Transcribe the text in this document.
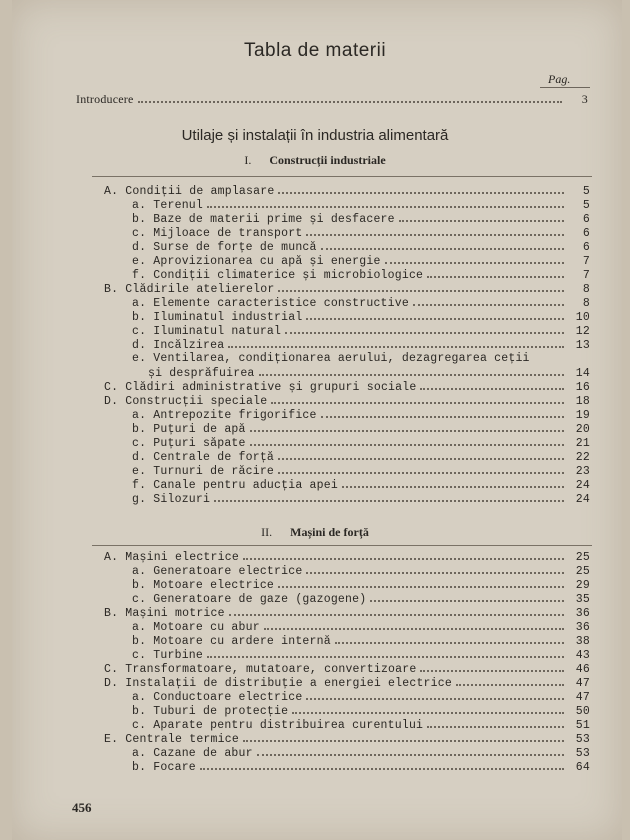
Tabla de materii
Pag.
Introducere	3
Utilaje și instalații în industria alimentară
I. Construcții industriale
II. Mașini de forță
A. Condiții de amplasare	5
a. Terenul	5
b. Baze de materii prime și desfacere	6
c. Mijloace de transport	6
d. Surse de forțe de muncă	6
e. Aprovizionarea cu apă și energie	7
f. Condiții climaterice și microbiologice	7
B. Clădirile atelierelor	8
a. Elemente caracteristice constructive	8
b. Iluminatul industrial	10
c. Iluminatul natural	12
d. Incălzirea	13
e. Ventilarea, condiționarea aerului, dezagregarea ceții
și desprăfuirea	14
C. Clădiri administrative și grupuri sociale	16
D. Construcții speciale	18
a. Antrepozite frigorifice	19
b. Puțuri de apă	20
c. Puțuri săpate	21
d. Centrale de forță	22
e. Turnuri de răcire	23
f. Canale pentru aducția apei	24
g. Silozuri	24
A. Mașini electrice	25
a. Generatoare electrice	25
b. Motoare electrice	29
c. Generatoare de gaze (gazogene)	35
B. Mașini motrice	36
a. Motoare cu abur	36
b. Motoare cu ardere internă	38
c. Turbine	43
C. Transformatoare, mutatoare, convertizoare	46
D. Instalații de distribuție a energiei electrice	47
a. Conductoare electrice	47
b. Tuburi de protecție	50
c. Aparate pentru distribuirea curentului	51
E. Centrale termice	53
a. Cazane de abur	53
b. Focare	64
456
